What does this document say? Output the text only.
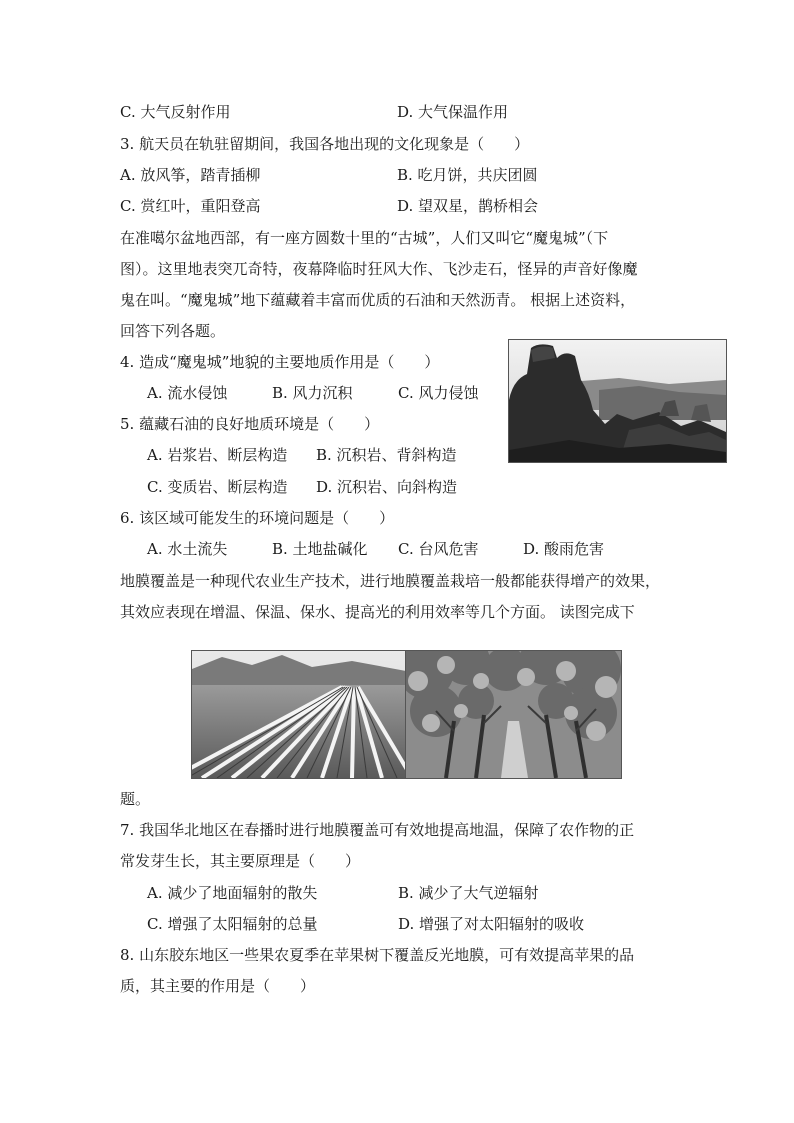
C. 大气反射作用	D. 大气保温作用
3. 航天员在轨驻留期间，我国各地出现的文化现象是（　　）
A. 放风筝，踏青插柳	B. 吃月饼，共庆团圆
C. 赏红叶，重阳登高	D. 望双星，鹊桥相会
在准噶尔盆地西部，有一座方圆数十里的“古城”，人们又叫它“魔鬼城”（下
图）。这里地表突兀奇特，夜幕降临时狂风大作、飞沙走石，怪异的声音好像魔
鬼在叫。“魔鬼城”地下蕴藏着丰富而优质的石油和天然沥青。 根据上述资料，
回答下列各题。
4. 造成“魔鬼城”地貌的主要地质作用是（　　）
A. 流水侵蚀	B. 风力沉积	C. 风力侵蚀
5. 蕴藏石油的良好地质环境是（　　）
A. 岩浆岩、断层构造 B. 沉积岩、背斜构造
C. 变质岩、断层构造 D. 沉积岩、向斜构造
6. 该区域可能发生的环境问题是（　　）
A. 水土流失	B. 土地盐碱化 C. 台风危害	D. 酸雨危害
地膜覆盖是一种现代农业生产技术，进行地膜覆盖栽培一般都能获得增产的效果，
其效应表现在增温、保温、保水、提高光的利用效率等几个方面。 读图完成下
题。
7. 我国华北地区在春播时进行地膜覆盖可有效地提高地温，保障了农作物的正
常发芽生长，其主要原理是（　　）
A. 减少了地面辐射的散失	B. 减少了大气逆辐射
C. 增强了太阳辐射的总量	D. 增强了对太阳辐射的吸收
8. 山东胶东地区一些果农夏季在苹果树下覆盖反光地膜，可有效提高苹果的品
质，其主要的作用是（　　）
